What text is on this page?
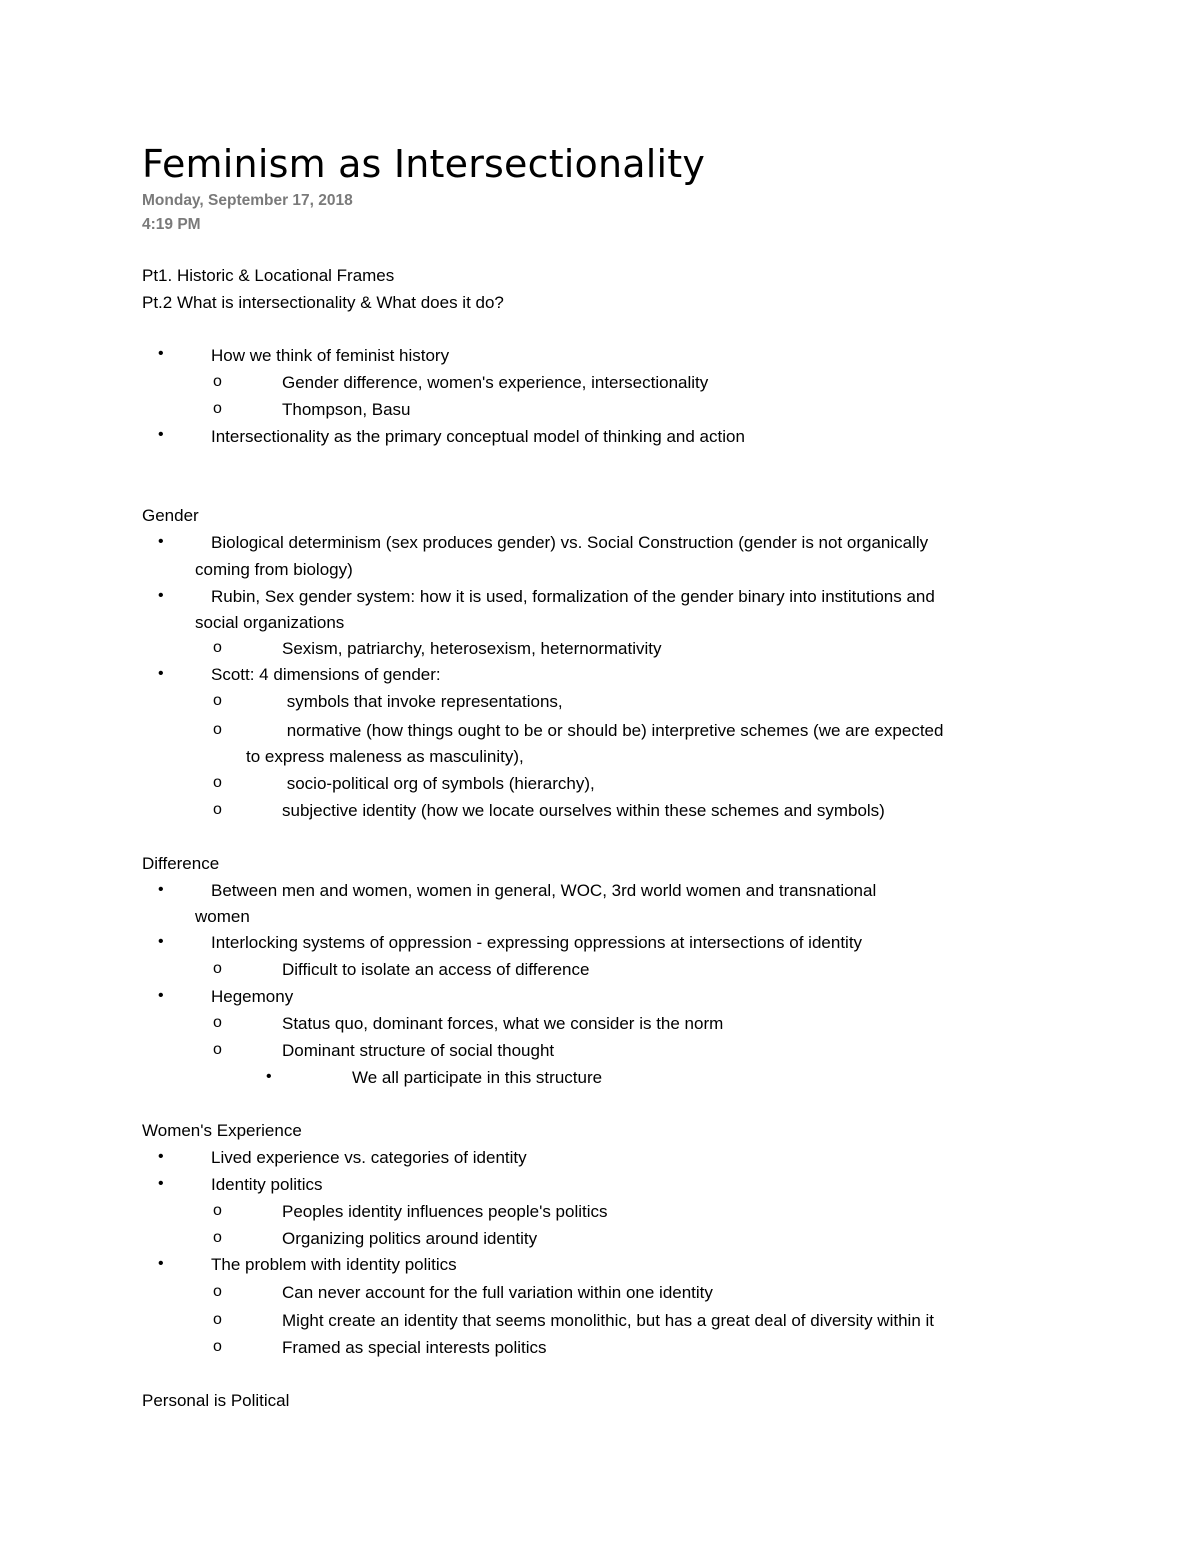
Feminism as Intersectionality
Monday, September 17, 2018
4:19 PM
Pt1. Historic & Locational Frames
Pt.2 What is intersectionality & What does it do?
•	How we think of feminist history
o	Gender difference, women's experience, intersectionality
o	Thompson, Basu
•	Intersectionality as the primary conceptual model of thinking and action
Gender
•	Biological determinism (sex produces gender) vs. Social Construction (gender is not organically
coming from biology)
•	Rubin, Sex gender system: how it is used, formalization of the gender binary into institutions and
social organizations
o	Sexism, patriarchy, heterosexism, heternormativity
•	Scott: 4 dimensions of gender:
o	symbols that invoke representations,
o	normative (how things ought to be or should be) interpretive schemes (we are expected
to express maleness as masculinity),
o	socio-political org of symbols (hierarchy),
o	subjective identity (how we locate ourselves within these schemes and symbols)
Difference
•	Between men and women, women in general, WOC, 3rd world women and transnational
women
•	Interlocking systems of oppression - expressing oppressions at intersections of identity
o	Difficult to isolate an access of difference
•	Hegemony
o	Status quo, dominant forces, what we consider is the norm
o	Dominant structure of social thought
•	We all participate in this structure
Women's Experience
•	Lived experience vs. categories of identity
•	Identity politics
o	Peoples identity influences people's politics
o	Organizing politics around identity
•	The problem with identity politics
o	Can never account for the full variation within one identity
o	Might create an identity that seems monolithic, but has a great deal of diversity within it
o	Framed as special interests politics
Personal is Political
